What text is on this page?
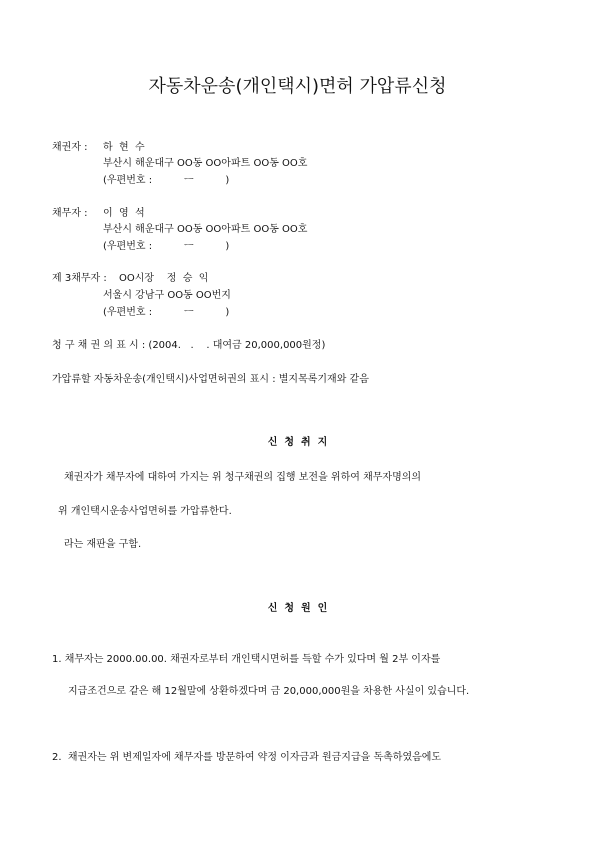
자동차운송(개인택시)면허 가압류신청
채권자 : 하  현  수
부산시 해운대구 OO동 OO아파트 OO동 OO호
(우편번호 :          ㅡ          )
채무자 : 이  영  석
부산시 해운대구 OO동 OO아파트 OO동 OO호
(우편번호 :          ㅡ          )
제 3채무자 : OO시장    정  승  익
서울시 강남구 OO동 OO번지
(우편번호 :          ㅡ          )
청 구 채 권 의 표 시 : (2004.   .    . 대여금 20,000,000원정)
가압류할 자동차운송(개인택시)사업면허권의 표시 : 별지목록기재와 같음
신  청  취  지
채권자가 채무자에 대하여 가지는 위 청구채권의 집행 보전을 위하여 채무자명의의
위 개인택시운송사업면허를 가압류한다.
라는 재판을 구함.
신  청  원  인
1. 채무자는 2000.00.00. 채권자로부터 개인택시면허를 득할 수가 있다며 월 2부 이자를
지급조건으로 같은 해 12월말에 상환하겠다며 금 20,000,000원을 차용한 사실이 있습니다.
2.  채권자는 위 변제일자에 채무자를 방문하여 약정 이자금과 원금지급을 독촉하였음에도
